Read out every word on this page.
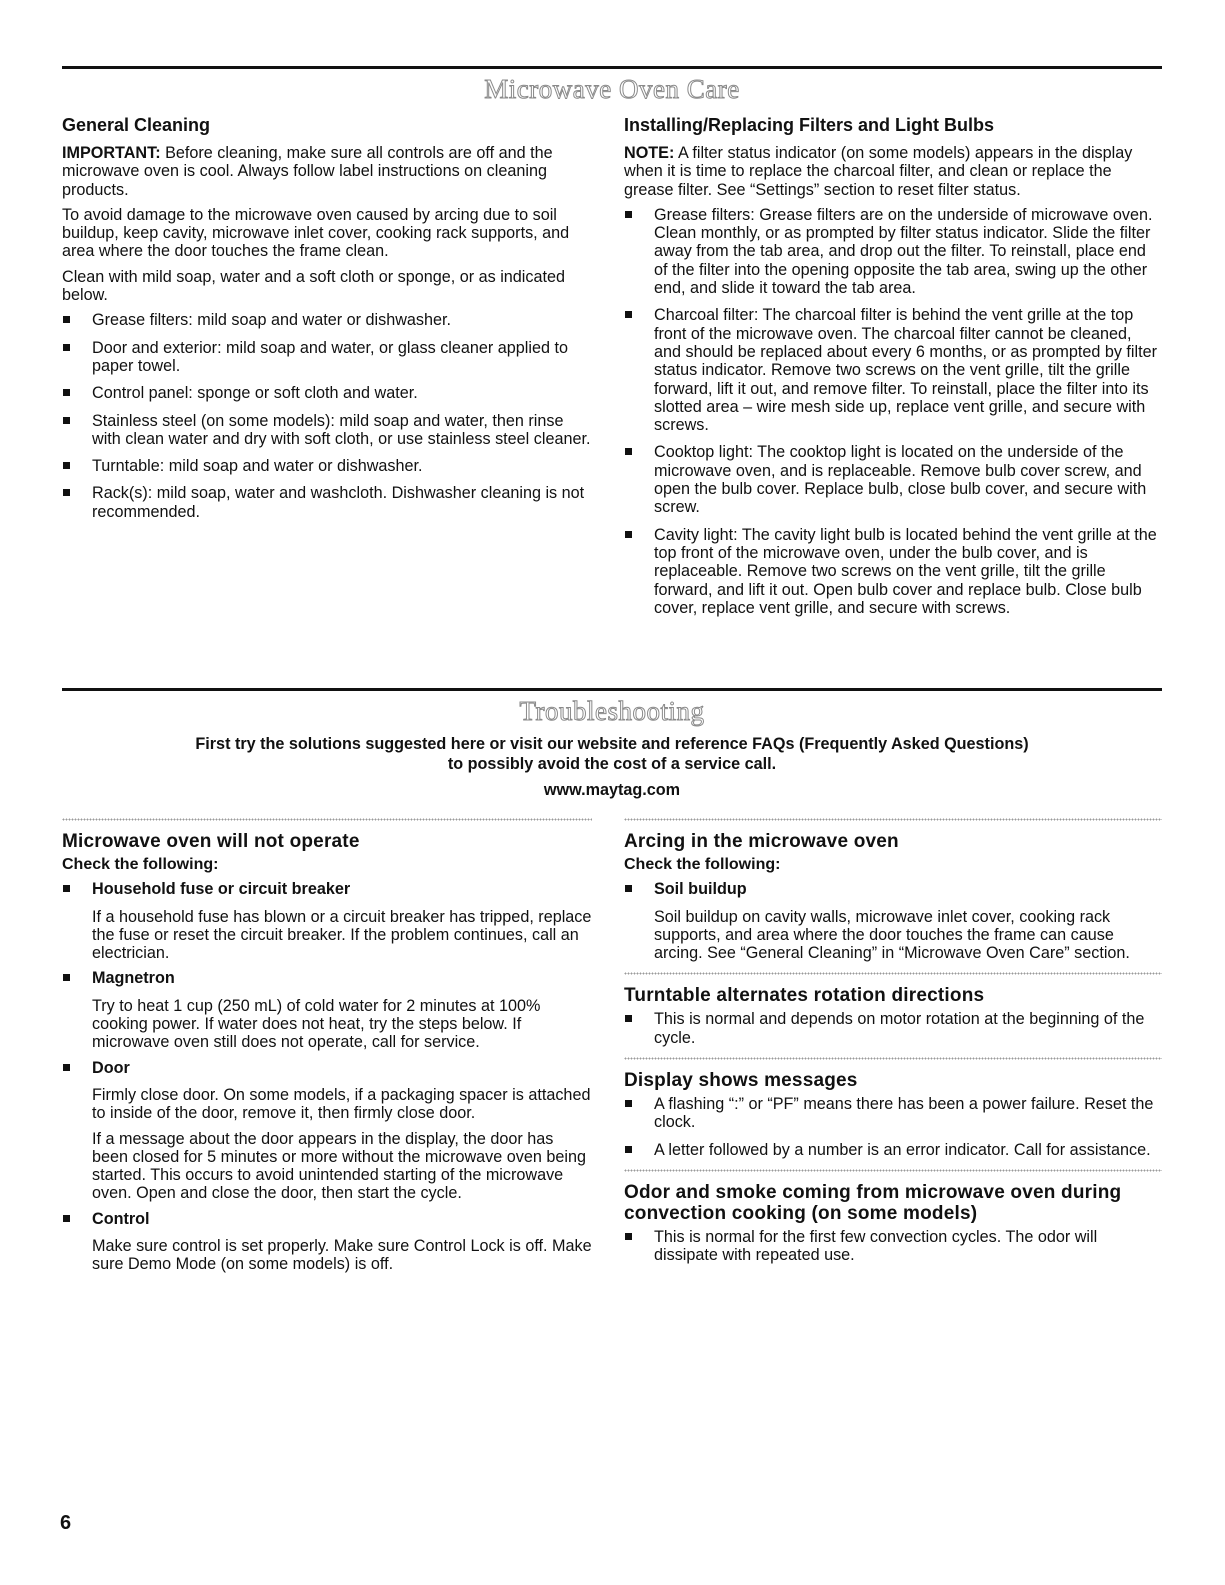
Microwave Oven Care
General Cleaning

IMPORTANT: Before cleaning, make sure all controls are off and the microwave oven is cool. Always follow label instructions on cleaning products.

To avoid damage to the microwave oven caused by arcing due to soil buildup, keep cavity, microwave inlet cover, cooking rack supports, and area where the door touches the frame clean.

Clean with mild soap, water and a soft cloth or sponge, or as indicated below.

Grease filters: mild soap and water or dishwasher.
Door and exterior: mild soap and water, or glass cleaner applied to paper towel.
Control panel: sponge or soft cloth and water.
Stainless steel (on some models): mild soap and water, then rinse with clean water and dry with soft cloth, or use stainless steel cleaner.
Turntable: mild soap and water or dishwasher.
Rack(s): mild soap, water and washcloth. Dishwasher cleaning is not recommended.
Installing/Replacing Filters and Light Bulbs

NOTE: A filter status indicator (on some models) appears in the display when it is time to replace the charcoal filter, and clean or replace the grease filter. See “Settings” section to reset filter status.

Grease filters: Grease filters are on the underside of microwave oven. Clean monthly, or as prompted by filter status indicator. Slide the filter away from the tab area, and drop out the filter. To reinstall, place end of the filter into the opening opposite the tab area, swing up the other end, and slide it toward the tab area.
Charcoal filter: The charcoal filter is behind the vent grille at the top front of the microwave oven. The charcoal filter cannot be cleaned, and should be replaced about every 6 months, or as prompted by filter status indicator. Remove two screws on the vent grille, tilt the grille forward, lift it out, and remove filter. To reinstall, place the filter into its slotted area – wire mesh side up, replace vent grille, and secure with screws.
Cooktop light: The cooktop light is located on the underside of the microwave oven, and is replaceable. Remove bulb cover screw, and open the bulb cover. Replace bulb, close bulb cover, and secure with screw.
Cavity light: The cavity light bulb is located behind the vent grille at the top front of the microwave oven, under the bulb cover, and is replaceable. Remove two screws on the vent grille, tilt the grille forward, and lift it out. Open bulb cover and replace bulb. Close bulb cover, replace vent grille, and secure with screws.
Troubleshooting
First try the solutions suggested here or visit our website and reference FAQs (Frequently Asked Questions)
to possibly avoid the cost of a service call.
www.maytag.com
Microwave oven will not operate
Check the following:
Household fuse or circuit breaker

If a household fuse has blown or a circuit breaker has tripped, replace the fuse or reset the circuit breaker. If the problem continues, call an electrician.

Magnetron

Try to heat 1 cup (250 mL) of cold water for 2 minutes at 100% cooking power. If water does not heat, try the steps below. If microwave oven still does not operate, call for service.

Door

Firmly close door. On some models, if a packaging spacer is attached to inside of the door, remove it, then firmly close door.

If a message about the door appears in the display, the door has been closed for 5 minutes or more without the microwave oven being started. This occurs to avoid unintended starting of the microwave oven. Open and close the door, then start the cycle.

Control

Make sure control is set properly. Make sure Control Lock is off. Make sure Demo Mode (on some models) is off.

Arcing in the microwave oven
Check the following:
Soil buildup

Soil buildup on cavity walls, microwave inlet cover, cooking rack supports, and area where the door touches the frame can cause arcing. See “General Cleaning” in “Microwave Oven Care” section.

Turntable alternates rotation directions
This is normal and depends on motor rotation at the beginning of the cycle.
Display shows messages
A flashing “:” or “PF” means there has been a power failure. Reset the clock.
A letter followed by a number is an error indicator. Call for assistance.
Odor and smoke coming from microwave oven during convection cooking (on some models)
This is normal for the first few convection cycles. The odor will dissipate with repeated use.
6
